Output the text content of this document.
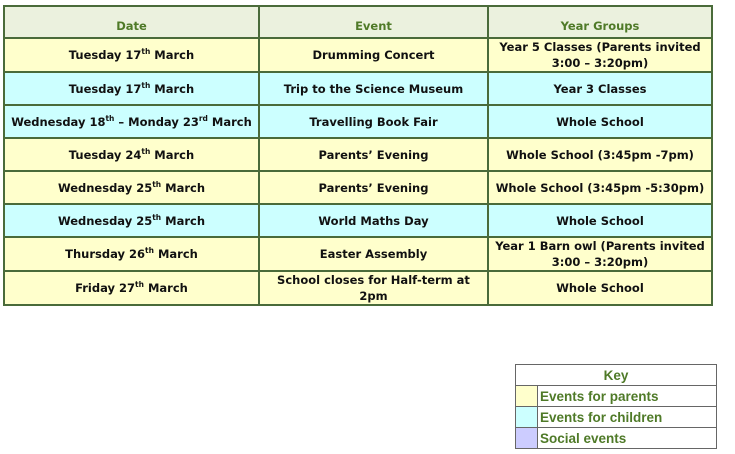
Date	Event	Year Groups
Tuesday 17th March	Drumming Concert	Year 5 Classes (Parents invited
3:00 – 3:20pm)
Tuesday 17th March	Trip to the Science Museum	Year 3 Classes
Wednesday 18th – Monday 23rd March	Travelling Book Fair	Whole School
Tuesday 24th March	Parents’ Evening	Whole School (3:45pm -7pm)
Wednesday 25th March	Parents’ Evening	Whole School (3:45pm -5:30pm)
Wednesday 25th March	World Maths Day	Whole School
Thursday 26th March	Easter Assembly	Year 1 Barn owl (Parents invited
3:00 – 3:20pm)
Friday 27th March	School closes for Half-term at 2pm	Whole School
Key	
	Events for parents
	Events for children
	Social events
